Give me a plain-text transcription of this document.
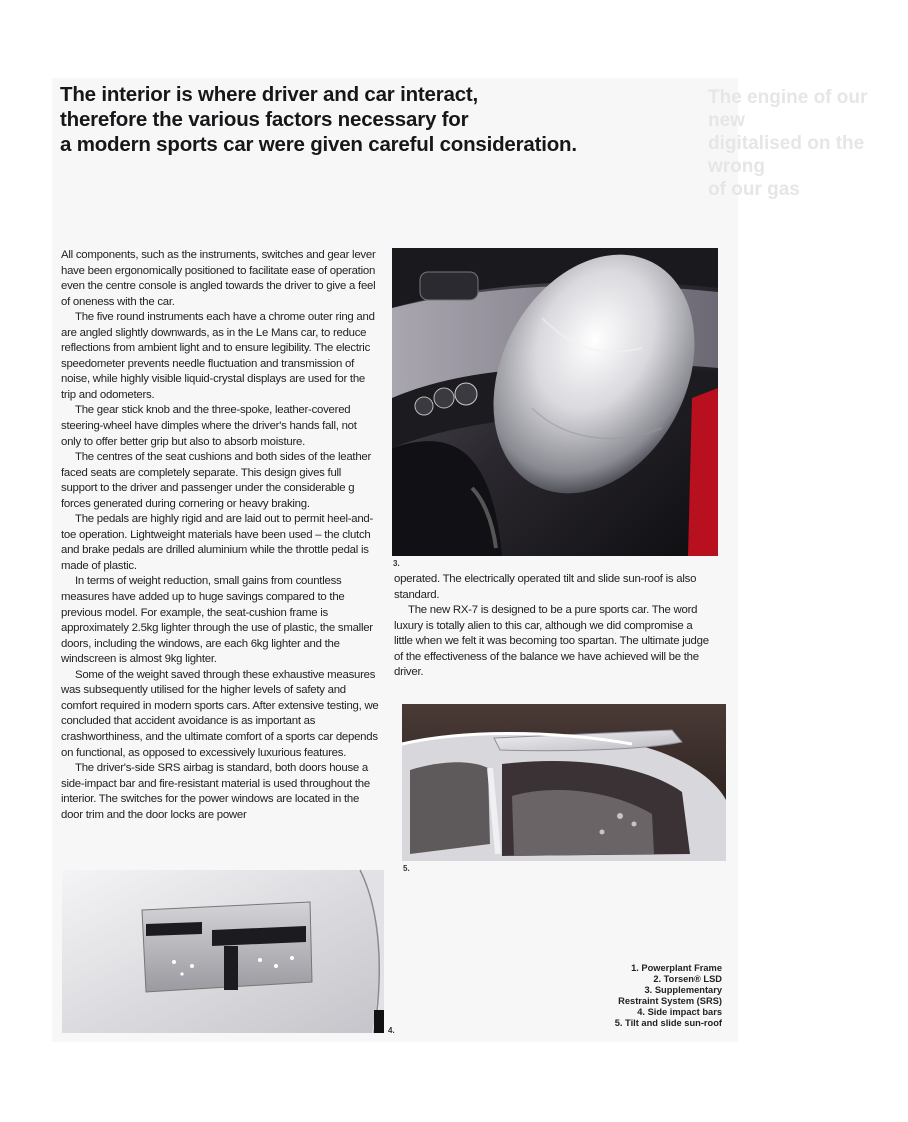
The engine of our new
digitalised on the wrong
of our gas
The interior is where driver and car interact,
therefore the various factors necessary for
a modern sports car were given careful consideration.

All components, such as the instruments, switches and gear lever have been ergonomically positioned to facilitate ease of operation even the centre console is angled towards the driver to give a feel of oneness with the car.

The five round instruments each have a chrome outer ring and are angled slightly downwards, as in the Le Mans car, to reduce reflections from ambient light and to ensure legibility. The electric speedometer prevents needle fluctuation and transmission of noise, while highly visible liquid-crystal displays are used for the trip and odometers.

The gear stick knob and the three-spoke, leather-covered steering-wheel have dimples where the driver's hands fall, not only to offer better grip but also to absorb moisture.

The centres of the seat cushions and both sides of the leather faced seats are completely separate. This design gives full support to the driver and passenger under the considerable g forces generated during cornering or heavy braking.

The pedals are highly rigid and are laid out to permit heel-and-toe operation. Lightweight materials have been used – the clutch and brake pedals are drilled aluminium while the throttle pedal is made of plastic.

In terms of weight reduction, small gains from countless measures have added up to huge savings compared to the previous model. For example, the seat-cushion frame is approximately 2.5kg lighter through the use of plastic, the smaller doors, including the windows, are each 6kg lighter and the windscreen is almost 9kg lighter.

Some of the weight saved through these exhaustive measures was subsequently utilised for the higher levels of safety and comfort required in modern sports cars. After extensive testing, we concluded that accident avoidance is as important as crashworthiness, and the ultimate comfort of a sports car depends on functional, as opposed to excessively luxurious features.

The driver's-side SRS airbag is standard, both doors house a side-impact bar and fire-resistant material is used throughout the interior. The switches for the power windows are located in the door trim and the door locks are power

3.

operated. The electrically operated tilt and slide sun-roof is also standard.

The new RX-7 is designed to be a pure sports car. The word luxury is totally alien to this car, although we did compromise a little when we felt it was becoming too spartan. The ultimate judge of the effectiveness of the balance we have achieved will be the driver.

5.
4.
1. Powerplant Frame
2. Torsen® LSD
3. Supplementary
Restraint System (SRS)
4. Side impact bars
5. Tilt and slide sun-roof
